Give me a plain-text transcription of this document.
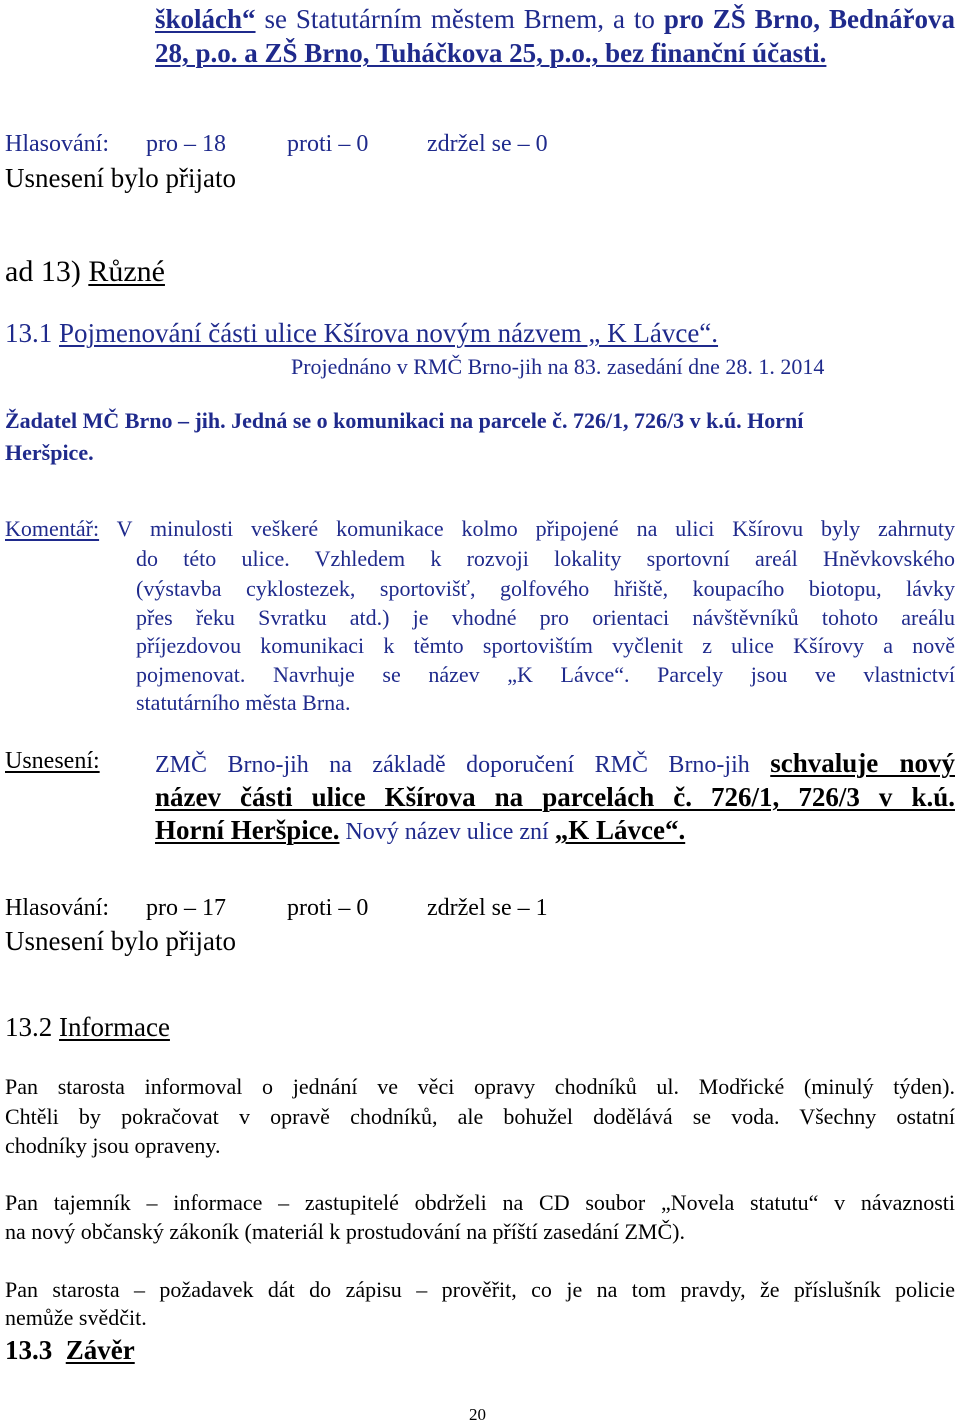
školách“ se Statutárním městem Brnem, a to pro ZŠ Brno, Bednářova
28, p.o. a ZŠ Brno, Tuháčkova 25, p.o., bez finanční účasti.
Hlasování: pro – 18	proti – 0 zdržel se – 0
Usnesení bylo přijato
ad 13) Různé
13.1 Pojmenování části ulice Kšírova novým názvem „ K Lávce“.
Projednáno v RMČ Brno-jih na 83. zasedání dne 28. 1. 2014
Žadatel MČ Brno – jih. Jedná se o komunikaci na parcele č. 726/1, 726/3 v k.ú. Horní
Heršpice.
Komentář: V minulosti veškeré komunikace kolmo připojené na ulici Kšírovu byly zahrnuty
do této ulice. Vzhledem k rozvoji lokality sportovní areál Hněvkovského
(výstavba cyklostezek, sportovišť, golfového hřiště, koupacího biotopu, lávky
přes řeku Svratku atd.) je vhodné pro orientaci návštěvníků tohoto areálu
příjezdovou komunikaci k těmto sportovištím vyčlenit z ulice Kšírovy a nově
pojmenovat. Navrhuje se název „K Lávce“. Parcely jsou ve vlastnictví
statutárního města Brna.
Usnesení: ZMČ Brno-jih na základě doporučení RMČ Brno-jih schvaluje nový
název části ulice Kšírova na parcelách č. 726/1, 726/3 v k.ú.
Horní Heršpice. Nový název ulice zní „K Lávce“.
Hlasování: pro – 17	proti – 0 zdržel se – 1
Usnesení bylo přijato
13.2 Informace
Pan starosta informoval o jednání ve věci opravy chodníků ul. Modřické (minulý týden).
Chtěli by pokračovat v opravě chodníků, ale bohužel dodělává se voda. Všechny ostatní
chodníky jsou opraveny.
Pan tajemník – informace – zastupitelé obdrželi na CD soubor „Novela statutu“ v návaznosti
na nový občanský zákoník (materiál k prostudování na příští zasedání ZMČ).
Pan starosta – požadavek dát do zápisu – prověřit, co je na tom pravdy, že příslušník policie
nemůže svědčit.
13.3  Závěr
20
